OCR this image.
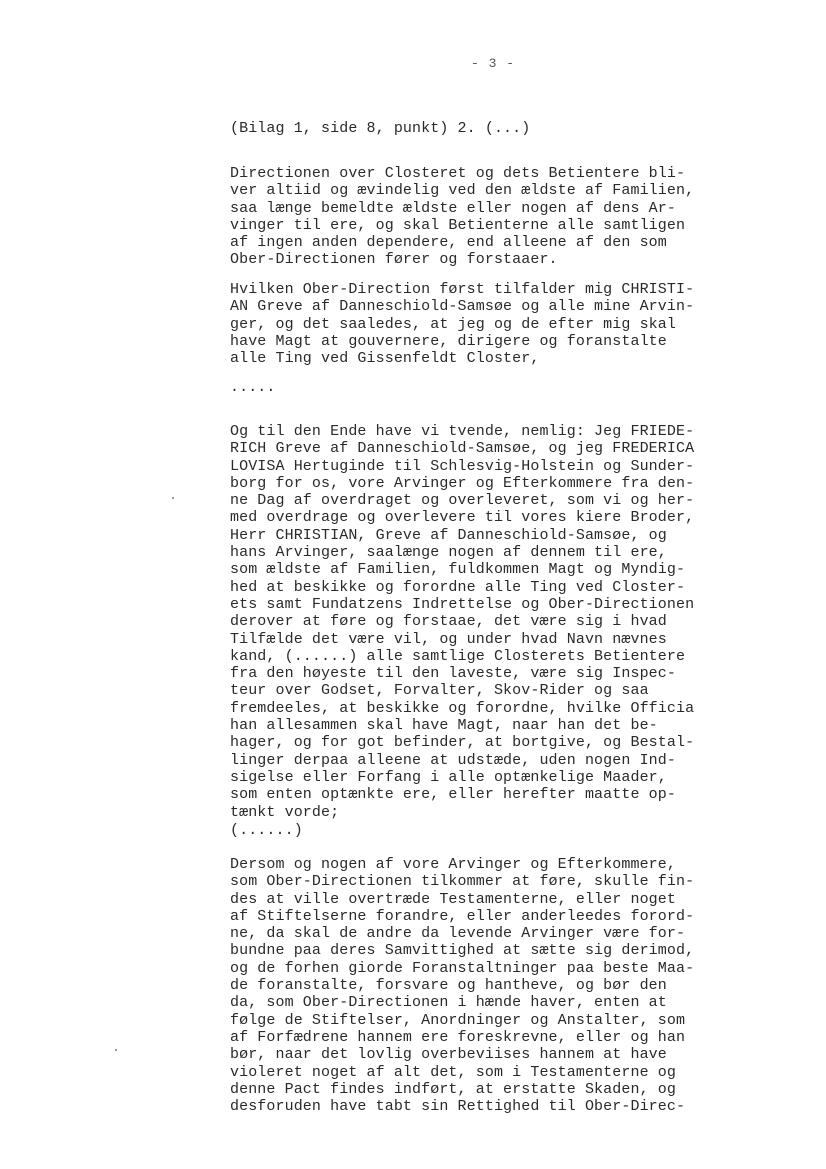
- 3 -
(Bilag 1, side 8, punkt) 2. (...)
Directionen over Closteret og dets Betientere bli-
ver altiid og ævindelig ved den ældste af Familien,
saa længe bemeldte ældste eller nogen af dens Ar-
vinger til ere, og skal Betienterne alle samtligen
af ingen anden dependere, end alleene af den som
Ober-Directionen fører og forstaaer.
Hvilken Ober-Direction først tilfalder mig CHRISTI-
AN Greve af Danneschiold-Samsøe og alle mine Arvin-
ger, og det saaledes, at jeg og de efter mig skal
have Magt at gouvernere, dirigere og foranstalte
alle Ting ved Gissenfeldt Closter,
.....
Og til den Ende have vi tvende, nemlig: Jeg FRIEDE-
RICH Greve af Danneschiold-Samsøe, og jeg FREDERICA
LOVISA Hertuginde til Schlesvig-Holstein og Sunder-
borg for os, vore Arvinger og Efterkommere fra den-
ne Dag af overdraget og overleveret, som vi og her-
med overdrage og overlevere til vores kiere Broder,
Herr CHRISTIAN, Greve af Danneschiold-Samsøe, og
hans Arvinger, saalænge nogen af dennem til ere,
som ældste af Familien, fuldkommen Magt og Myndig-
hed at beskikke og forordne alle Ting ved Closter-
ets samt Fundatzens Indrettelse og Ober-Directionen
derover at føre og forstaae, det være sig i hvad
Tilfælde det være vil, og under hvad Navn nævnes
kand, (......) alle samtlige Closterets Betientere
fra den høyeste til den laveste, være sig Inspec-
teur over Godset, Forvalter, Skov-Rider og saa
fremdeeles, at beskikke og forordne, hvilke Officia
han allesammen skal have Magt, naar han det be-
hager, og for got befinder, at bortgive, og Bestal-
linger derpaa alleene at udstæde, uden nogen Ind-
sigelse eller Forfang i alle optænkelige Maader,
som enten optænkte ere, eller herefter maatte op-
tænkt vorde;
(......)
Dersom og nogen af vore Arvinger og Efterkommere,
som Ober-Directionen tilkommer at føre, skulle fin-
des at ville overtræde Testamenterne, eller noget
af Stiftelserne forandre, eller anderleedes forord-
ne, da skal de andre da levende Arvinger være for-
bundne paa deres Samvittighed at sætte sig derimod,
og de forhen giorde Foranstaltninger paa beste Maa-
de foranstalte, forsvare og hantheve, og bør den
da, som Ober-Directionen i hænde haver, enten at
følge de Stiftelser, Anordninger og Anstalter, som
af Forfædrene hannem ere foreskrevne, eller og han
bør, naar det lovlig overbeviises hannem at have
violeret noget af alt det, som i Testamenterne og
denne Pact findes indført, at erstatte Skaden, og
desforuden have tabt sin Rettighed til Ober-Direc-
